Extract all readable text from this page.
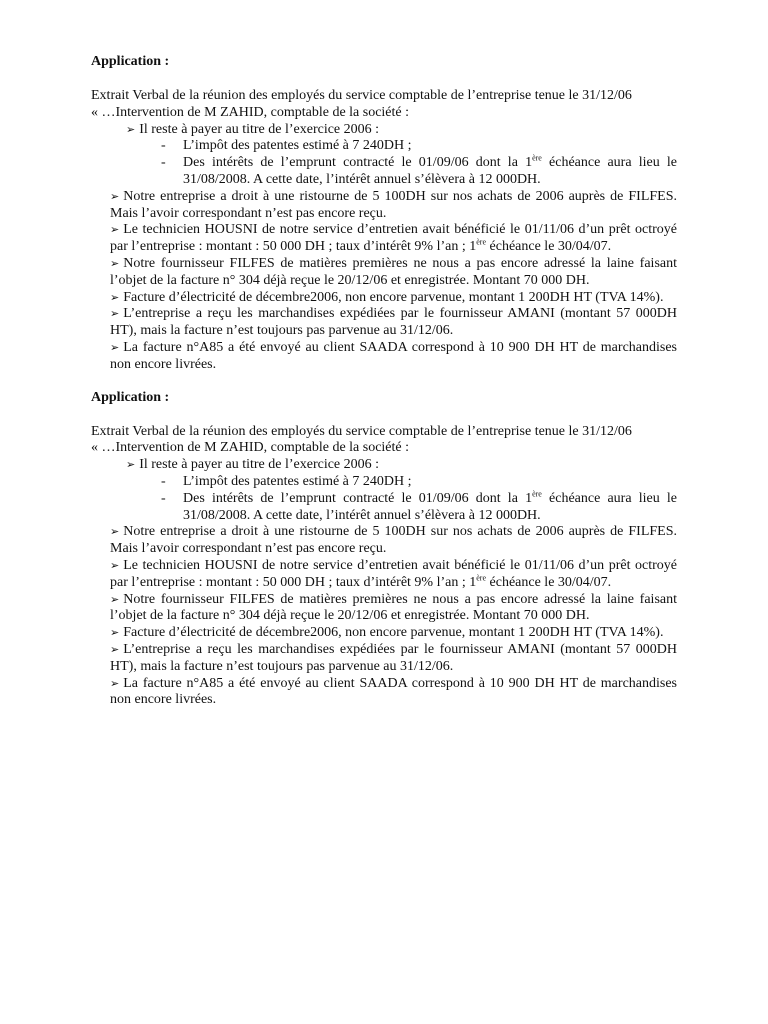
Application :

Extrait Verbal de la réunion des employés du service comptable de l’entreprise tenue le 31/12/06

« …Intervention de M ZAHID, comptable de la société :

➢ Il reste à payer au titre de l’exercice 2006 :
- L’impôt des patentes estimé à 7 240DH ;
- Des intérêts de l’emprunt contracté le 01/09/06 dont la 1ère échéance aura lieu le 31/08/2008. A cette date, l’intérêt annuel s’élèvera à 12 000DH.
➢ Notre entreprise a droit à une ristourne de 5 100DH sur nos achats de 2006 auprès de FILFES. Mais l’avoir correspondant n’est pas encore reçu.
➢ Le technicien HOUSNI de notre service d’entretien avait bénéficié le 01/11/06 d’un prêt octroyé par l’entreprise : montant : 50 000 DH ; taux d’intérêt 9% l’an ; 1ère échéance le 30/04/07.
➢ Notre fournisseur FILFES de matières premières ne nous a pas encore adressé la laine faisant l’objet de la facture n° 304 déjà reçue le 20/12/06 et enregistrée. Montant 70 000 DH.
➢ Facture d’électricité de décembre2006, non encore parvenue, montant 1 200DH HT (TVA 14%).
➢ L’entreprise a reçu les marchandises expédiées par le fournisseur AMANI (montant 57 000DH HT), mais la facture n’est toujours pas parvenue au 31/12/06.
➢ La facture n°A85 a été envoyé au client SAADA correspond à 10 900 DH HT de marchandises non encore livrées.
Application :

Extrait Verbal de la réunion des employés du service comptable de l’entreprise tenue le 31/12/06

« …Intervention de M ZAHID, comptable de la société :

➢ Il reste à payer au titre de l’exercice 2006 :
- L’impôt des patentes estimé à 7 240DH ;
- Des intérêts de l’emprunt contracté le 01/09/06 dont la 1ère échéance aura lieu le 31/08/2008. A cette date, l’intérêt annuel s’élèvera à 12 000DH.
➢ Notre entreprise a droit à une ristourne de 5 100DH sur nos achats de 2006 auprès de FILFES. Mais l’avoir correspondant n’est pas encore reçu.
➢ Le technicien HOUSNI de notre service d’entretien avait bénéficié le 01/11/06 d’un prêt octroyé par l’entreprise : montant : 50 000 DH ; taux d’intérêt 9% l’an ; 1ère échéance le 30/04/07.
➢ Notre fournisseur FILFES de matières premières ne nous a pas encore adressé la laine faisant l’objet de la facture n° 304 déjà reçue le 20/12/06 et enregistrée. Montant 70 000 DH.
➢ Facture d’électricité de décembre2006, non encore parvenue, montant 1 200DH HT (TVA 14%).
➢ L’entreprise a reçu les marchandises expédiées par le fournisseur AMANI (montant 57 000DH HT), mais la facture n’est toujours pas parvenue au 31/12/06.
➢ La facture n°A85 a été envoyé au client SAADA correspond à 10 900 DH HT de marchandises non encore livrées.
